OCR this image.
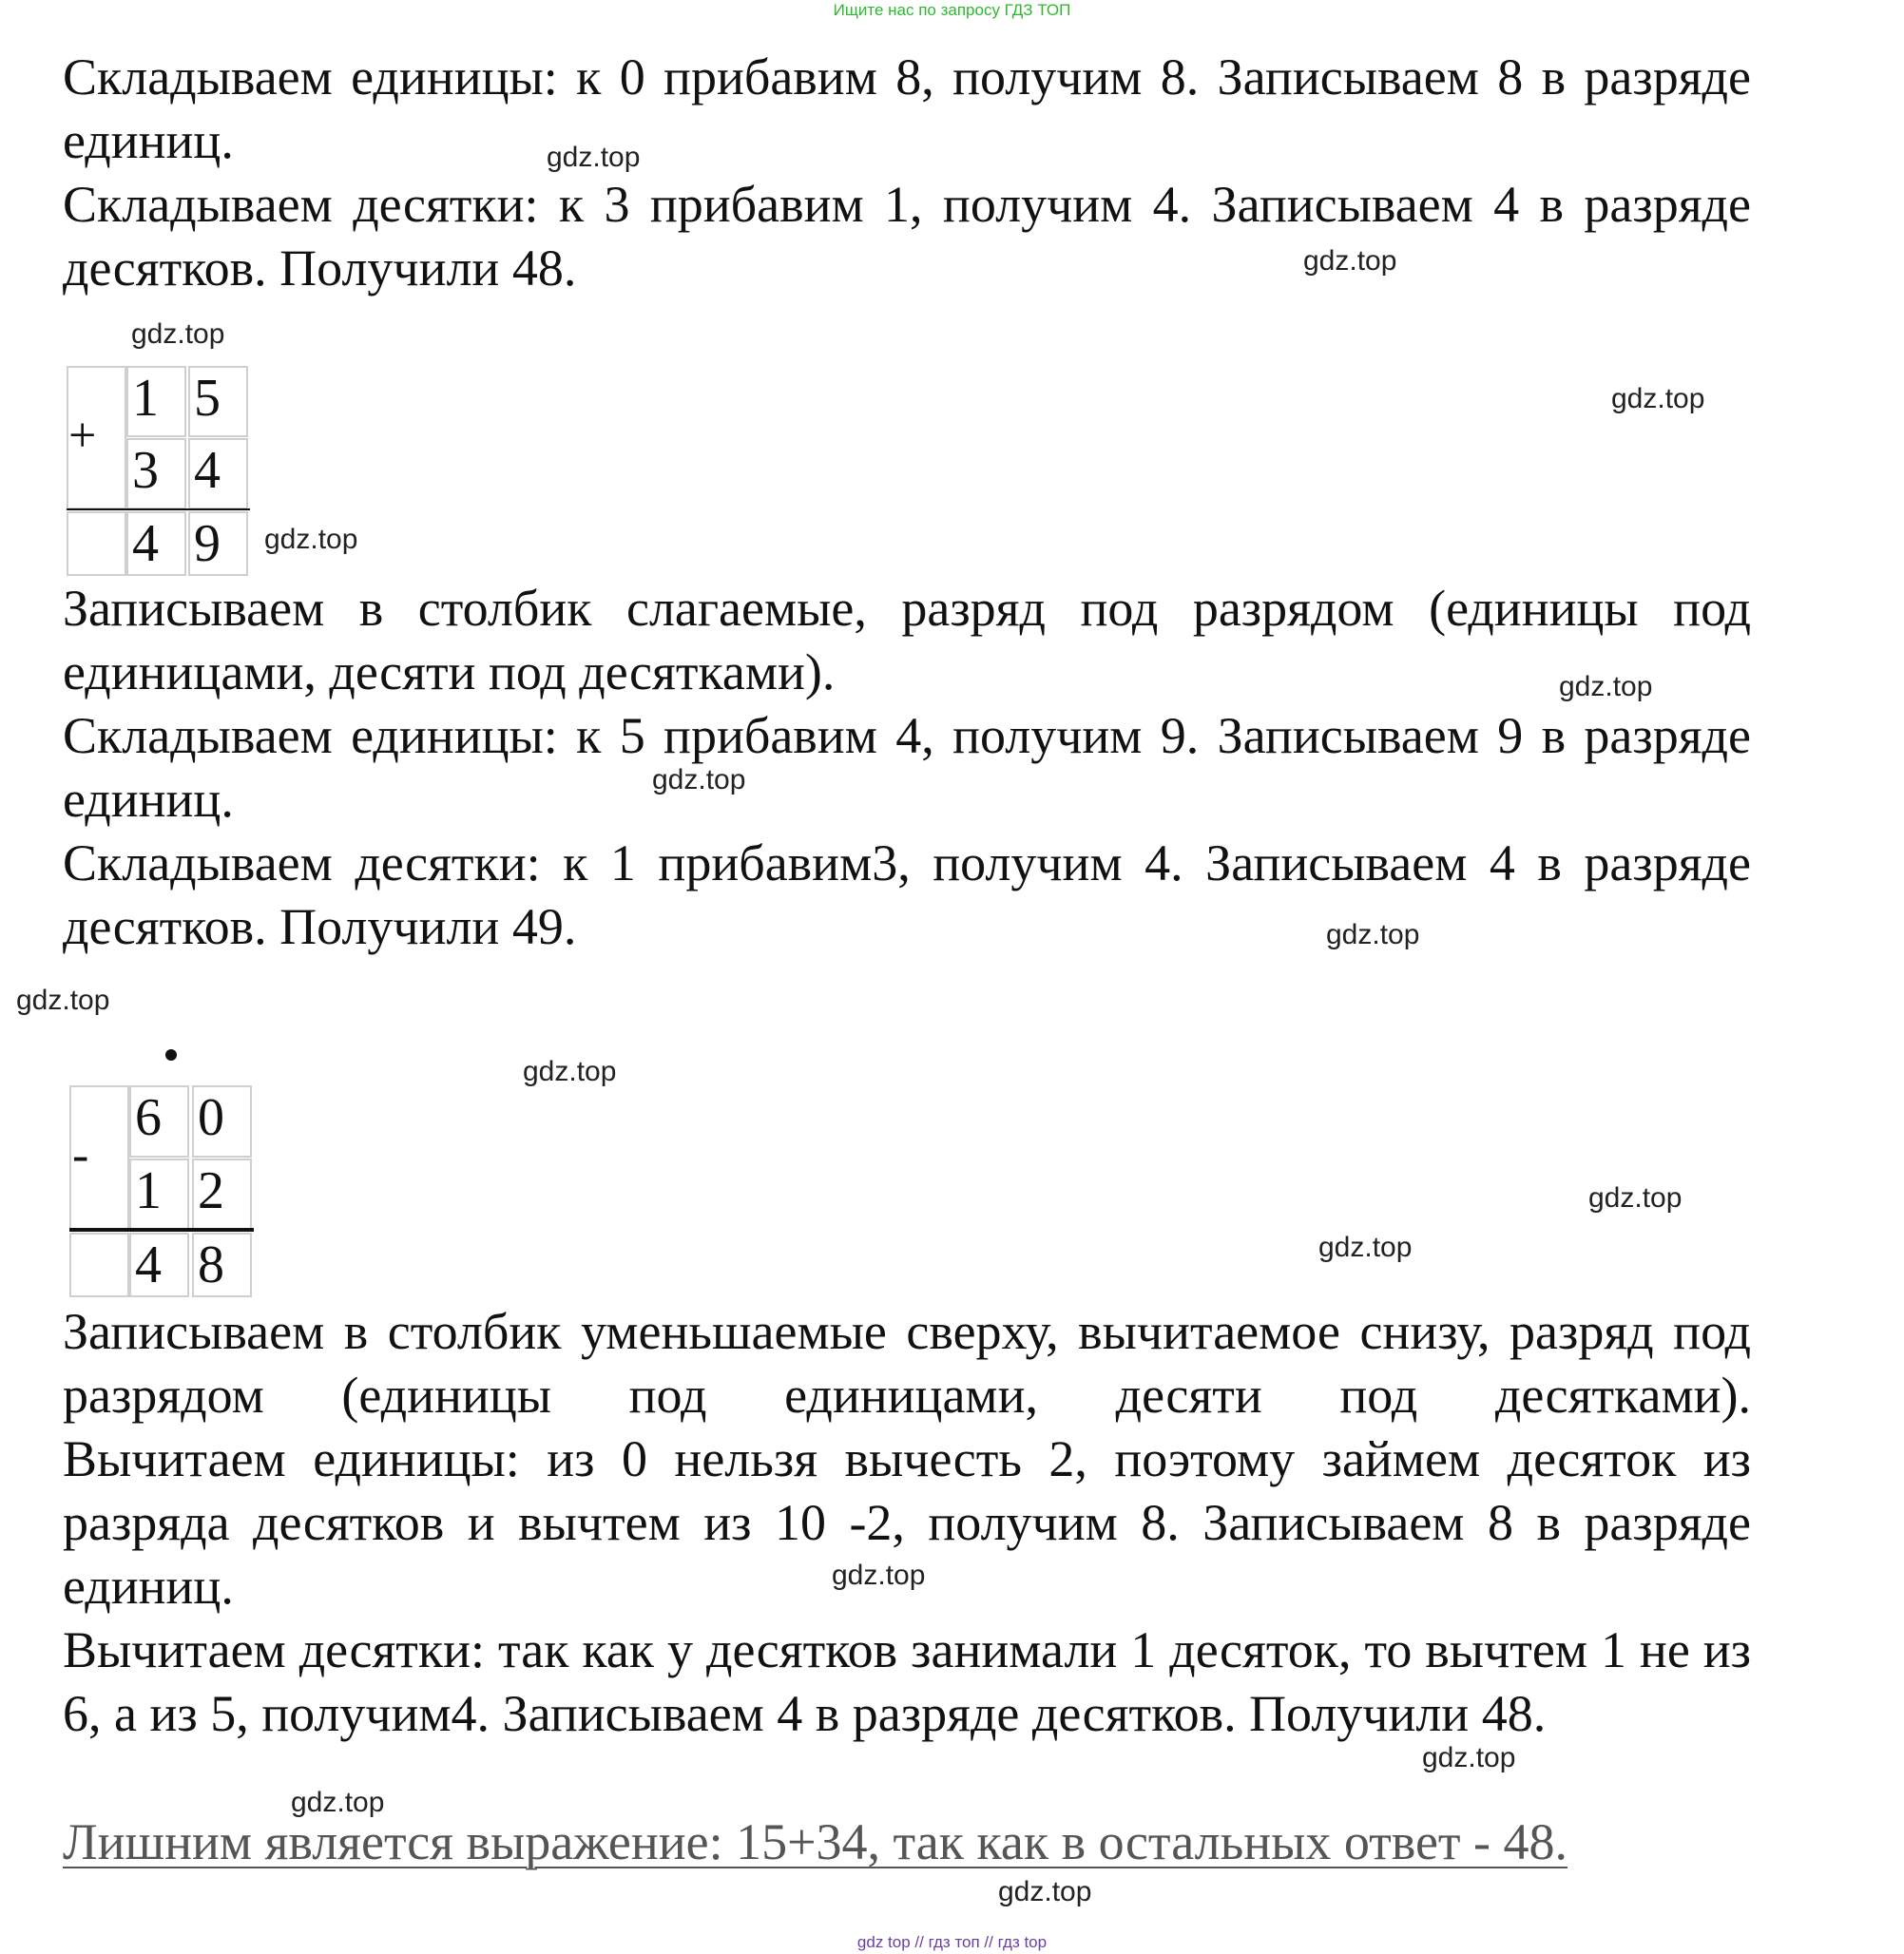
Ищите нас по запросу ГДЗ ТОП
Складываем единицы: к 0 прибавим 8, получим 8. Записываем 8 в разряде единиц.
Складываем десятки: к 3 прибавим 1, получим 4. Записываем 4 в разряде десятков. Получили 48.
+
1 5
3 4
4 9
Записываем в столбик слагаемые, разряд под разрядом (единицы под единицами, десяти под десятками).
Складываем единицы: к 5 прибавим 4, получим 9. Записываем 9 в разряде единиц.
Складываем десятки: к 1 прибавим3, получим 4. Записываем 4 в разряде десятков. Получили 49.
-
6 0
1 2
4 8
Записываем в столбик уменьшаемые сверху, вычитаемое снизу, разряд под разрядом (единицы под единицами, десяти под десятками).
Вычитаем единицы: из 0 нельзя вычесть 2, поэтому займем десяток из разряда десятков и вычтем из 10 -2, получим 8. Записываем 8 в разряде единиц.
Вычитаем десятки: так как у десятков занимали 1 десяток, то вычтем 1 не из 6, а из 5, получим4. Записываем 4 в разряде десятков. Получили 48.
Лишним является выражение: 15+34, так как в остальных ответ - 48.
gdz.top
gdz.top
gdz.top
gdz.top
gdz.top
gdz.top
gdz.top
gdz.top
gdz.top
gdz.top
gdz.top
gdz.top
gdz.top
gdz.top
gdz.top
gdz.top
gdz top // гдз топ // гдз top
